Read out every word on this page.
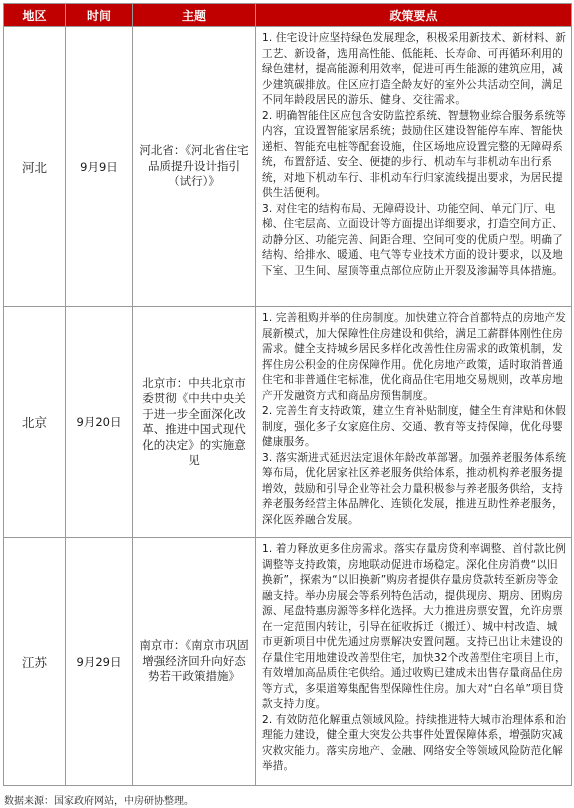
地区	时间	主题	政策要点
河北	9月9日	河北省：《河北省住宅品质提升设计指引（试行）》	1. 住宅设计应坚持绿色发展理念，积极采用新技术、新材料、新工艺、新设备，选用高性能、低能耗、长寿命、可再循环利用的绿色建材，提高能源利用效率，促进可再生能源的建筑应用，减少建筑碳排放。住区应打造全龄友好的室外公共活动空间，满足不同年龄段居民的游乐、健身、交往需求。
2. 明确智能住区应包含安防监控系统、智慧物业综合服务系统等内容，宜设置智能家居系统；鼓励住区建设智能停车库、智能快递柜、智能充电桩等配套设施，住区场地应设置完整的无障碍系统，布置舒适、安全、便捷的步行、机动车与非机动车出行系统，对地下机动车行、非机动车行归家流线提出要求，为居民提供生活便利。
3. 对住宅的结构布局、无障碍设计、功能空间、单元门厅、电梯、住宅层高、立面设计等方面提出详细要求，打造空间方正、动静分区、功能完善、间距合理、空间可变的优质户型。明确了结构、给排水、暖通、电气等专业技术方面的设计要求，以及地下室、卫生间、屋顶等重点部位应防止开裂及渗漏等具体措施。

北京	9月20日	北京市：中共北京市委贯彻《中共中央关于进一步全面深化改革、推进中国式现代化的决定》的实施意见	1. 完善租购并举的住房制度。加快建立符合首都特点的房地产发展新模式，加大保障性住房建设和供给，满足工薪群体刚性住房需求。健全支持城乡居民多样化改善性住房需求的政策机制，发挥住房公积金的住房保障作用。优化房地产政策，适时取消普通住宅和非普通住宅标准，优化商品住宅用地交易规则，改革房地产开发融资方式和商品房预售制度。
2. 完善生育支持政策，建立生育补贴制度，健全生育津贴和休假制度，强化多子女家庭住房、交通、教育等支持保障，优化母婴健康服务。
3. 落实渐进式延迟法定退休年龄改革部署。加强养老服务体系统筹布局，优化居家社区养老服务供给体系，推动机构养老服务提增效，鼓励和引导企业等社会力量积极参与养老服务供给，支持养老服务经营主体品牌化、连锁化发展，推进互助性养老服务，深化医养融合发展。

江苏	9月29日	南京市：《南京市巩固增强经济回升向好态势若干政策措施》	1. 着力释放更多住房需求。落实存量房贷利率调整、首付款比例调整等支持政策，房地联动促进市场稳定。深化住房消费“以旧换新”，探索为“以旧换新”购房者提供存量房贷款转至新房等金融支持。举办房展会等系列特色活动，提供现房、期房、团购房源、尾盘特惠房源等多样化选择。大力推进房票安置，允许房票在一定范围内转让，引导在征收拆迁（搬迁）、城中村改造、城市更新项目中优先通过房票解决安置问题。支持已出让未建设的存量住宅用地建设改善型住宅，加快32个改善型住宅项目上市，有效增加高品质住宅供给。通过收购已建成未出售存量商品住房等方式，多渠道筹集配售型保障性住房。加大对“白名单”项目贷款支持力度。
2. 有效防范化解重点领域风险。持续推进特大城市治理体系和治理能力建设，健全重大突发公共事件处置保障体系，增强防灾减灾救灾能力。落实房地产、金融、网络安全等领域风险防范化解举措。
数据来源：国家政府网站，中房研协整理。
